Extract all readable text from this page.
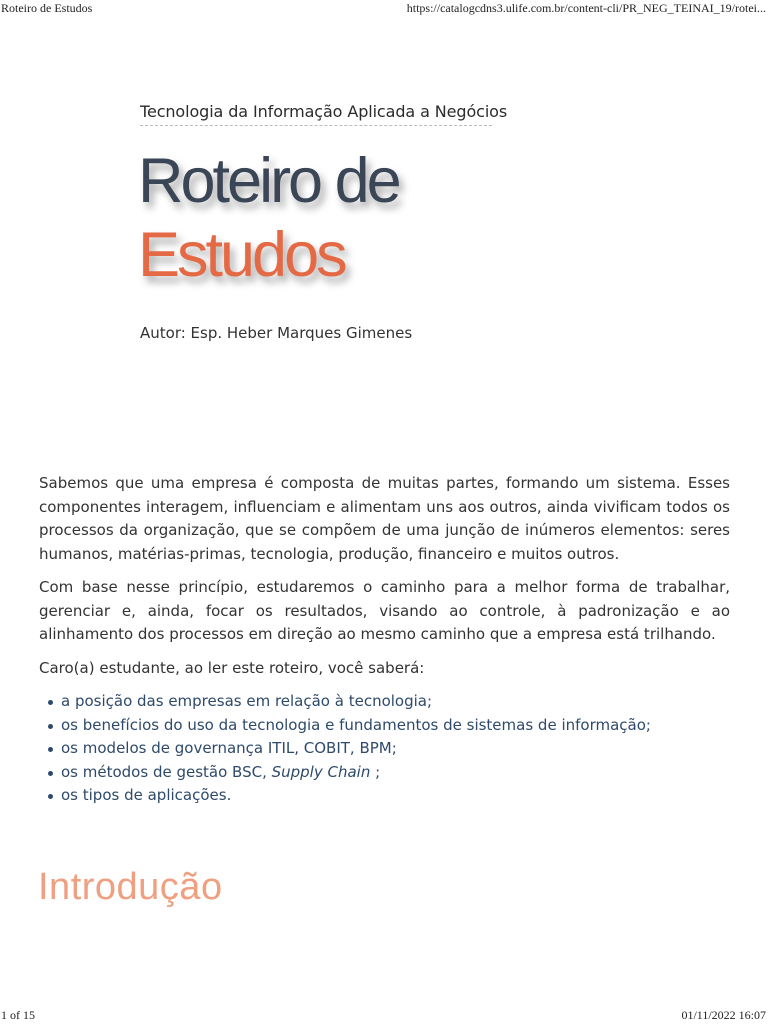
Roteiro de Estudos	https://catalogcdns3.ulife.com.br/content-cli/PR_NEG_TEINAI_19/rotei...
Tecnologia da Informação Aplicada a Negócios
Roteiro de
Estudos
Autor: Esp. Heber Marques Gimenes

Sabemos que uma empresa é composta de muitas partes, formando um sistema. Esses componentes interagem, influenciam e alimentam uns aos outros, ainda vivificam todos os processos da organização, que se compõem de uma junção de inúmeros elementos: seres humanos, matérias-primas, tecnologia, produção, financeiro e muitos outros.

Com base nesse princípio, estudaremos o caminho para a melhor forma de trabalhar, gerenciar e, ainda, focar os resultados, visando ao controle, à padronização e ao alinhamento dos processos em direção ao mesmo caminho que a empresa está trilhando.

Caro(a) estudante, ao ler este roteiro, você saberá:

a posição das empresas em relação à tecnologia;
os benefícios do uso da tecnologia e fundamentos de sistemas de informação;
os modelos de governança ITIL, COBIT, BPM;
os métodos de gestão BSC, Supply Chain ;
os tipos de aplicações.
Introdução
1 of 15	01/11/2022 16:07
